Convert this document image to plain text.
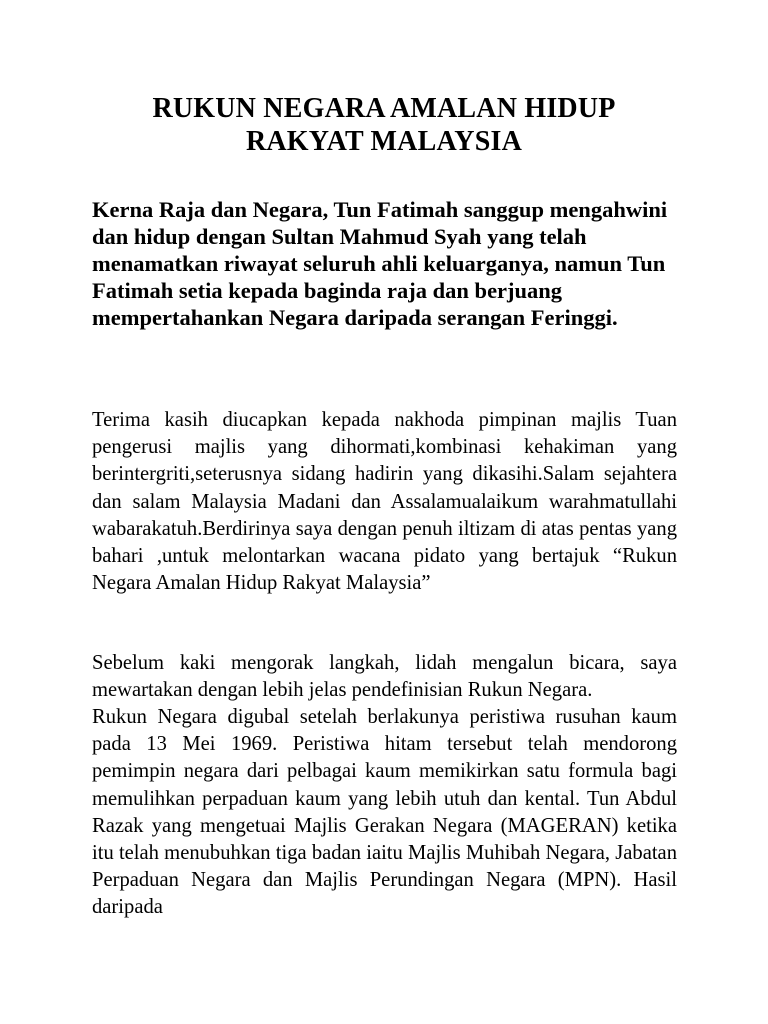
RUKUN NEGARA AMALAN HIDUP
RAKYAT MALAYSIA

Kerna Raja dan Negara, Tun Fatimah sanggup mengahwini dan hidup dengan Sultan Mahmud Syah yang telah menamatkan riwayat seluruh ahli keluarganya, namun Tun Fatimah setia kepada baginda raja dan berjuang mempertahankan Negara daripada serangan Feringgi.

Terima kasih diucapkan kepada nakhoda pimpinan majlis Tuan pengerusi majlis yang dihormati,kombinasi kehakiman yang berintergriti,seterusnya sidang hadirin yang dikasihi.Salam sejahtera dan salam Malaysia Madani dan Assalamualaikum warahmatullahi wabarakatuh.Berdirinya saya dengan penuh iltizam di atas pentas yang bahari ,untuk melontarkan wacana pidato yang bertajuk “Rukun Negara Amalan Hidup Rakyat Malaysia”

Sebelum kaki mengorak langkah, lidah mengalun bicara, saya mewartakan dengan lebih jelas pendefinisian Rukun Negara.

Rukun Negara digubal setelah berlakunya peristiwa rusuhan kaum pada 13 Mei 1969. Peristiwa hitam tersebut telah mendorong pemimpin negara dari pelbagai kaum memikirkan satu formula bagi memulihkan perpaduan kaum yang lebih utuh dan kental. Tun Abdul Razak yang mengetuai Majlis Gerakan Negara (MAGERAN) ketika itu telah menubuhkan tiga badan iaitu Majlis Muhibah Negara, Jabatan Perpaduan Negara dan Majlis Perundingan Negara (MPN). Hasil daripada
